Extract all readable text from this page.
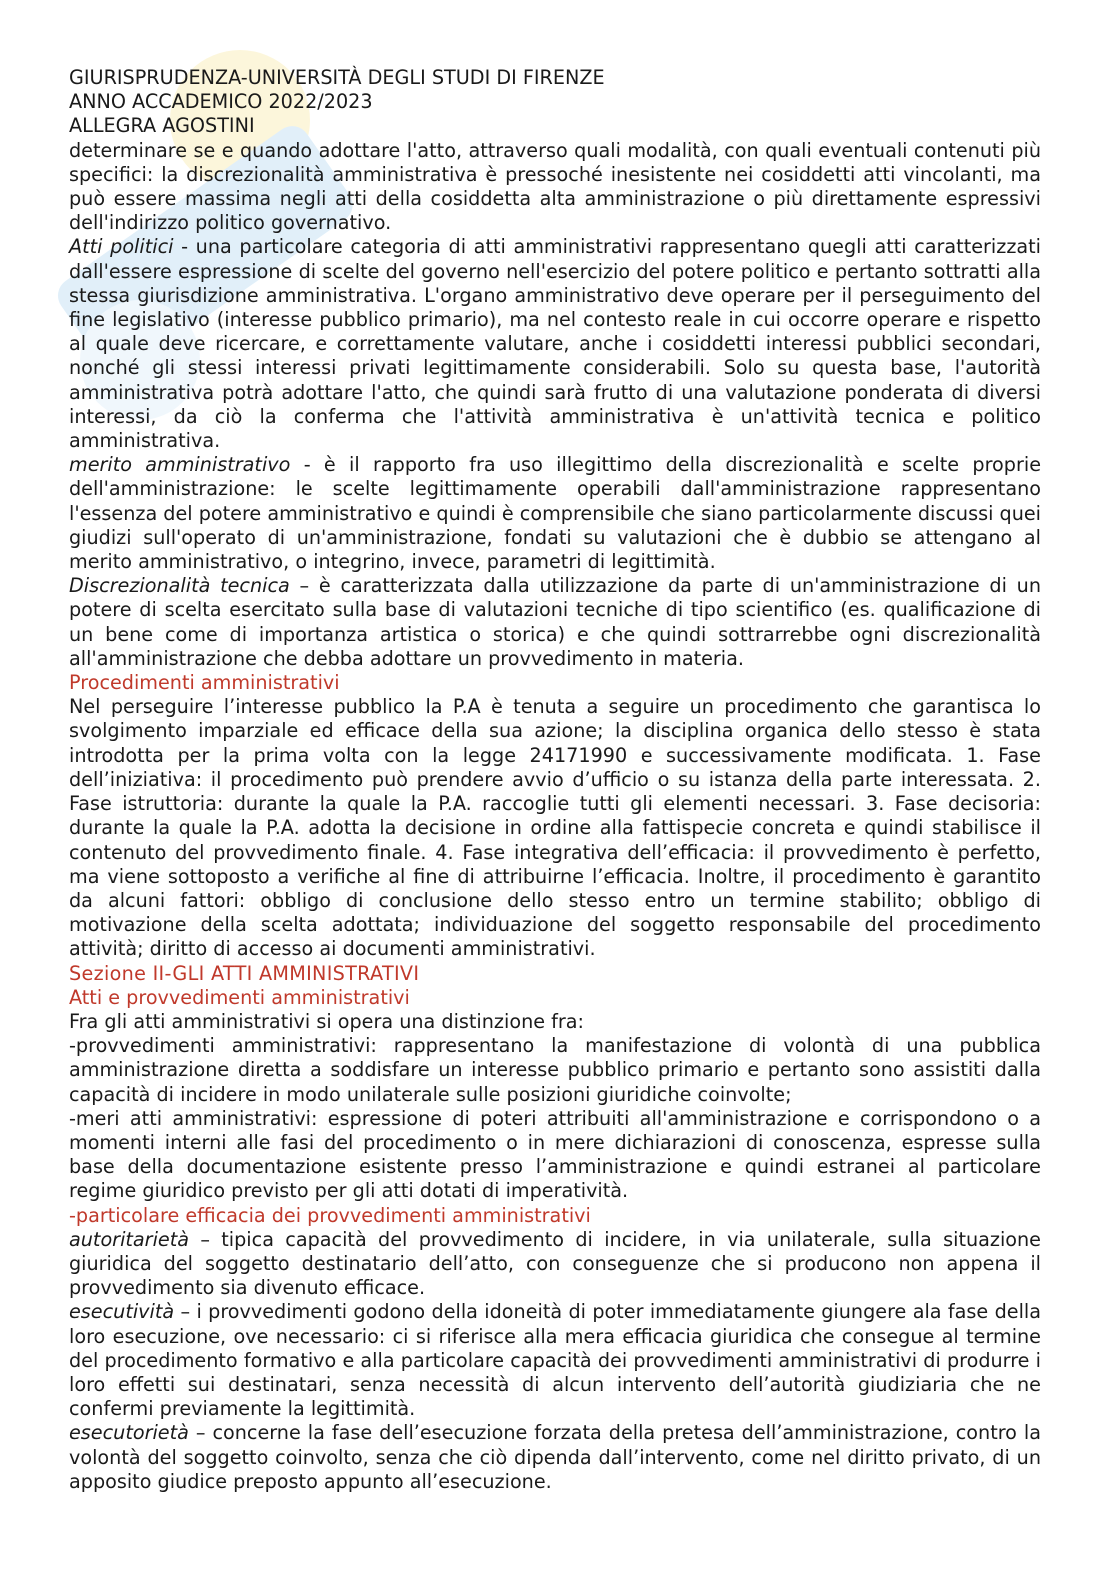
GIURISPRUDENZA-UNIVERSITÀ DEGLI STUDI DI FIRENZE

ANNO ACCADEMICO 2022/2023

ALLEGRA AGOSTINI

determinare se e quando adottare l'atto, attraverso quali modalità, con quali eventuali contenuti più specifici: la discrezionalità amministrativa è pressoché inesistente nei cosiddetti atti vincolanti, ma può essere massima negli atti della cosiddetta alta amministrazione o più direttamente espressivi dell'indirizzo politico governativo.

Atti politici - una particolare categoria di atti amministrativi rappresentano quegli atti caratterizzati dall'essere espressione di scelte del governo nell'esercizio del potere politico e pertanto sottratti alla stessa giurisdizione amministrativa. L'organo amministrativo deve operare per il perseguimento del fine legislativo (interesse pubblico primario), ma nel contesto reale in cui occorre operare e rispetto al quale deve ricercare, e correttamente valutare, anche i cosiddetti interessi pubblici secondari, nonché gli stessi interessi privati legittimamente considerabili. Solo su questa base, l'autorità amministrativa potrà adottare l'atto, che quindi sarà frutto di una valutazione ponderata di diversi interessi, da ciò la conferma che l'attività amministrativa è un'attività tecnica e politico amministrativa.

merito amministrativo - è il rapporto fra uso illegittimo della discrezionalità e scelte proprie dell'amministrazione: le scelte legittimamente operabili dall'amministrazione rappresentano l'essenza del potere amministrativo e quindi è comprensibile che siano particolarmente discussi quei giudizi sull'operato di un'amministrazione, fondati su valutazioni che è dubbio se attengano al merito amministrativo, o integrino, invece, parametri di legittimità.

Discrezionalità tecnica – è caratterizzata dalla utilizzazione da parte di un'amministrazione di un potere di scelta esercitato sulla base di valutazioni tecniche di tipo scientifico (es. qualificazione di un bene come di importanza artistica o storica) e che quindi sottrarrebbe ogni discrezionalità all'amministrazione che debba adottare un provvedimento in materia.

Procedimenti amministrativi

Nel perseguire l’interesse pubblico la P.A è tenuta a seguire un procedimento che garantisca lo svolgimento imparziale ed efficace della sua azione; la disciplina organica dello stesso è stata introdotta per la prima volta con la legge 24171990 e successivamente modificata. 1. Fase dell’iniziativa: il procedimento può prendere avvio d’ufficio o su istanza della parte interessata. 2. Fase istruttoria: durante la quale la P.A. raccoglie tutti gli elementi necessari. 3. Fase decisoria: durante la quale la P.A. adotta la decisione in ordine alla fattispecie concreta e quindi stabilisce il contenuto del provvedimento finale. 4. Fase integrativa dell’efficacia: il provvedimento è perfetto, ma viene sottoposto a verifiche al fine di attribuirne l’efficacia. Inoltre, il procedimento è garantito da alcuni fattori: obbligo di conclusione dello stesso entro un termine stabilito; obbligo di motivazione della scelta adottata; individuazione del soggetto responsabile del procedimento attività; diritto di accesso ai documenti amministrativi.

Sezione II-GLI ATTI AMMINISTRATIVI

Atti e provvedimenti amministrativi

Fra gli atti amministrativi si opera una distinzione fra:

-provvedimenti amministrativi: rappresentano la manifestazione di volontà di una pubblica amministrazione diretta a soddisfare un interesse pubblico primario e pertanto sono assistiti dalla capacità di incidere in modo unilaterale sulle posizioni giuridiche coinvolte;

-meri atti amministrativi: espressione di poteri attribuiti all'amministrazione e corrispondono o a momenti interni alle fasi del procedimento o in mere dichiarazioni di conoscenza, espresse sulla base della documentazione esistente presso l’amministrazione e quindi estranei al particolare regime giuridico previsto per gli atti dotati di imperatività.

-particolare efficacia dei provvedimenti amministrativi

autoritarietà – tipica capacità del provvedimento di incidere, in via unilaterale, sulla situazione giuridica del soggetto destinatario dell’atto, con conseguenze che si producono non appena il provvedimento sia divenuto efficace.

esecutività – i provvedimenti godono della idoneità di poter immediatamente giungere ala fase della loro esecuzione, ove necessario: ci si riferisce alla mera efficacia giuridica che consegue al termine del procedimento formativo e alla particolare capacità dei provvedimenti amministrativi di produrre i loro effetti sui destinatari, senza necessità di alcun intervento dell’autorità giudiziaria che ne confermi previamente la legittimità.

esecutorietà – concerne la fase dell’esecuzione forzata della pretesa dell’amministrazione, contro la volontà del soggetto coinvolto, senza che ciò dipenda dall’intervento, come nel diritto privato, di un apposito giudice preposto appunto all’esecuzione.
